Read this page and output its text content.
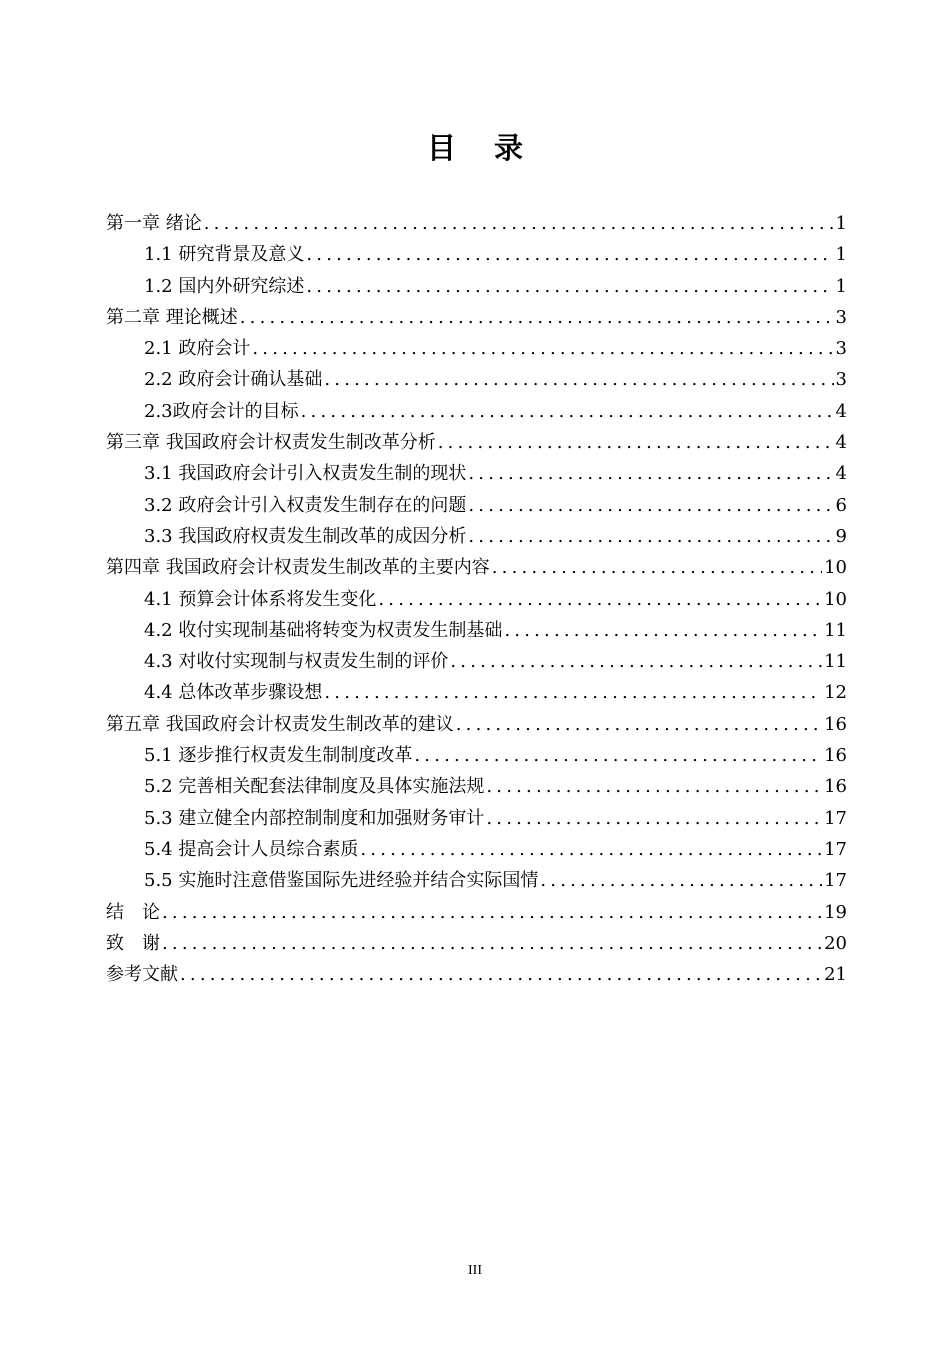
目 录
第一章 绪论 .....	1
1.1 研究背景及意义 .....	1
1.2 国内外研究综述 .....	1
第二章 理论概述 .....	3
2.1 政府会计 .....	3
2.2 政府会计确认基础 .....	3
2.3政府会计的目标 .....	4
第三章 我国政府会计权责发生制改革分析 .....	4
3.1 我国政府会计引入权责发生制的现状 .....	4
3.2 政府会计引入权责发生制存在的问题 .....	6
3.3 我国政府权责发生制改革的成因分析 .....	9
第四章 我国政府会计权责发生制改革的主要内容 .....	10
4.1 预算会计体系将发生变化 .....	10
4.2 收付实现制基础将转变为权责发生制基础 .....	11
4.3 对收付实现制与权责发生制的评价 .....	11
4.4 总体改革步骤设想 .....	12
第五章 我国政府会计权责发生制改革的建议 .....	16
5.1 逐步推行权责发生制制度改革 .....	16
5.2 完善相关配套法律制度及具体实施法规 .....	16
5.3 建立健全内部控制制度和加强财务审计 .....	17
5.4 提高会计人员综合素质 .....	17
5.5 实施时注意借鉴国际先进经验并结合实际国情 .....	17
结　论 .....	19
致　谢 .....	20
参考文献 .....	21
III
